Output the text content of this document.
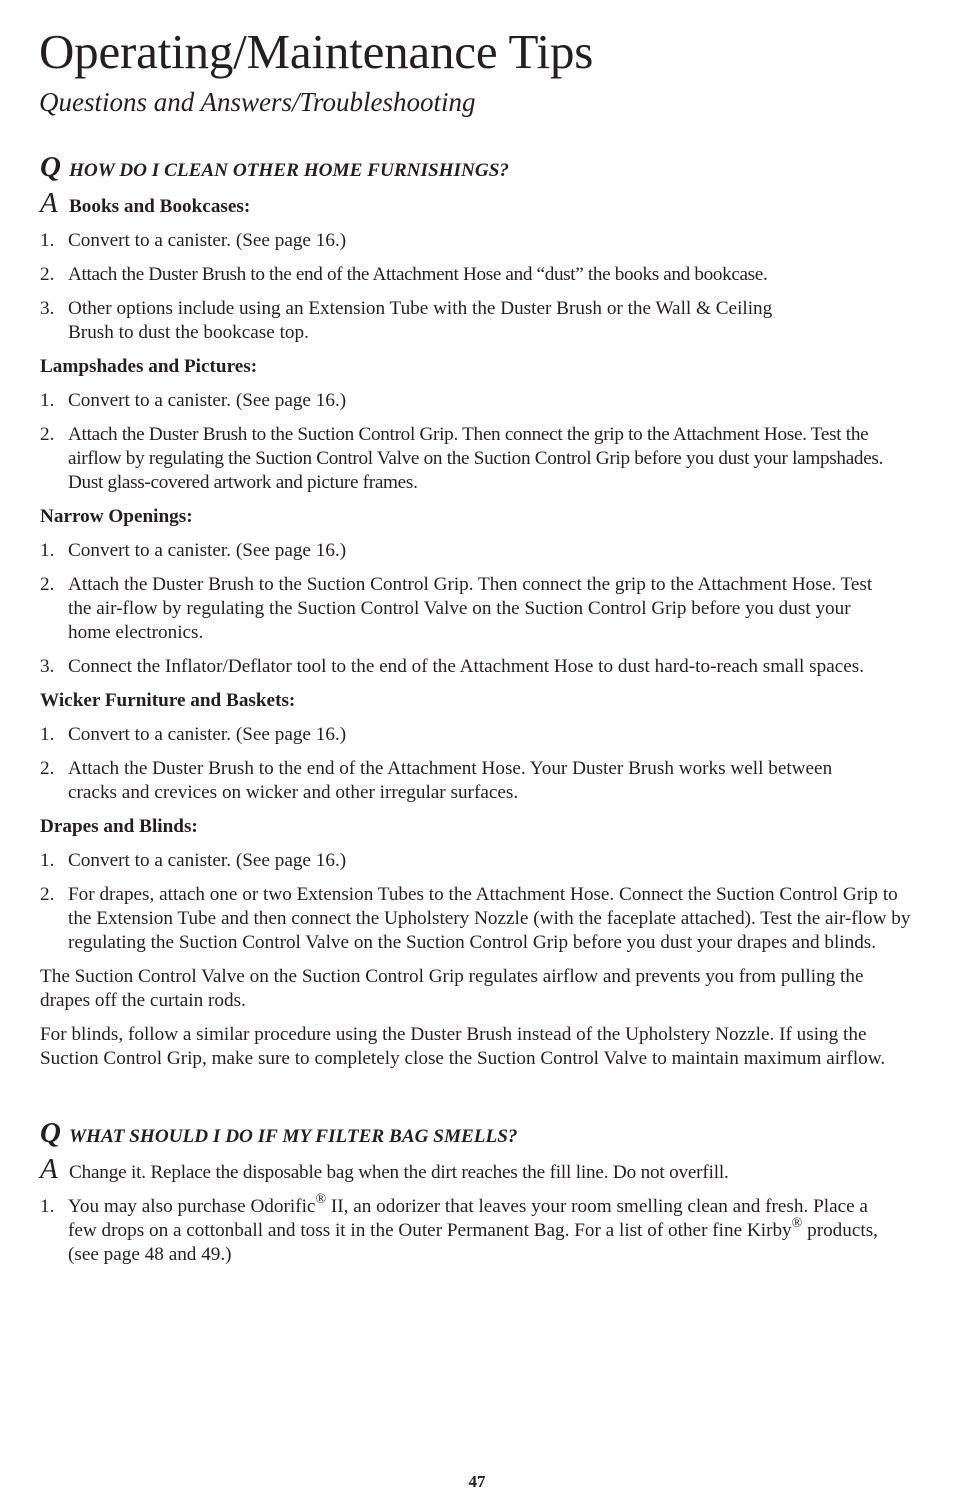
Operating/Maintenance Tips
Questions and Answers/Troubleshooting
Q HOW DO I CLEAN OTHER HOME FURNISHINGS?
A Books and Bookcases:
1. Convert to a canister. (See page 16.)
2. Attach the Duster Brush to the end of the Attachment Hose and “dust” the books and bookcase.
3. Other options include using an Extension Tube with the Duster Brush or the Wall & Ceiling Brush to dust the bookcase top.
Lampshades and Pictures:
1. Convert to a canister. (See page 16.)
2. Attach the Duster Brush to the Suction Control Grip. Then connect the grip to the Attachment Hose. Test the airflow by regulating the Suction Control Valve on the Suction Control Grip before you dust your lampshades. Dust glass-covered artwork and picture frames.
Narrow Openings:
1. Convert to a canister. (See page 16.)
2. Attach the Duster Brush to the Suction Control Grip. Then connect the grip to the Attachment Hose. Test the air-flow by regulating the Suction Control Valve on the Suction Control Grip before you dust your home electronics.
3. Connect the Inflator/Deflator tool to the end of the Attachment Hose to dust hard-to-reach small spaces.
Wicker Furniture and Baskets:
1. Convert to a canister. (See page 16.)
2. Attach the Duster Brush to the end of the Attachment Hose. Your Duster Brush works well between cracks and crevices on wicker and other irregular surfaces.
Drapes and Blinds:
1. Convert to a canister. (See page 16.)
2. For drapes, attach one or two Extension Tubes to the Attachment Hose. Connect the Suction Control Grip to the Extension Tube and then connect the Upholstery Nozzle (with the faceplate attached). Test the air-flow by regulating the Suction Control Valve on the Suction Control Grip before you dust your drapes and blinds.

The Suction Control Valve on the Suction Control Grip regulates airflow and prevents you from pulling the drapes off the curtain rods.

For blinds, follow a similar procedure using the Duster Brush instead of the Upholstery Nozzle. If using the Suction Control Grip, make sure to completely close the Suction Control Valve to maintain maximum airflow.

Q WHAT SHOULD I DO IF MY FILTER BAG SMELLS?
A Change it. Replace the disposable bag when the dirt reaches the fill line. Do not overfill.
1. You may also purchase Odorific® II, an odorizer that leaves your room smelling clean and fresh. Place a few drops on a cottonball and toss it in the Outer Permanent Bag. For a list of other fine Kirby® products, (see page 48 and 49.)
47
